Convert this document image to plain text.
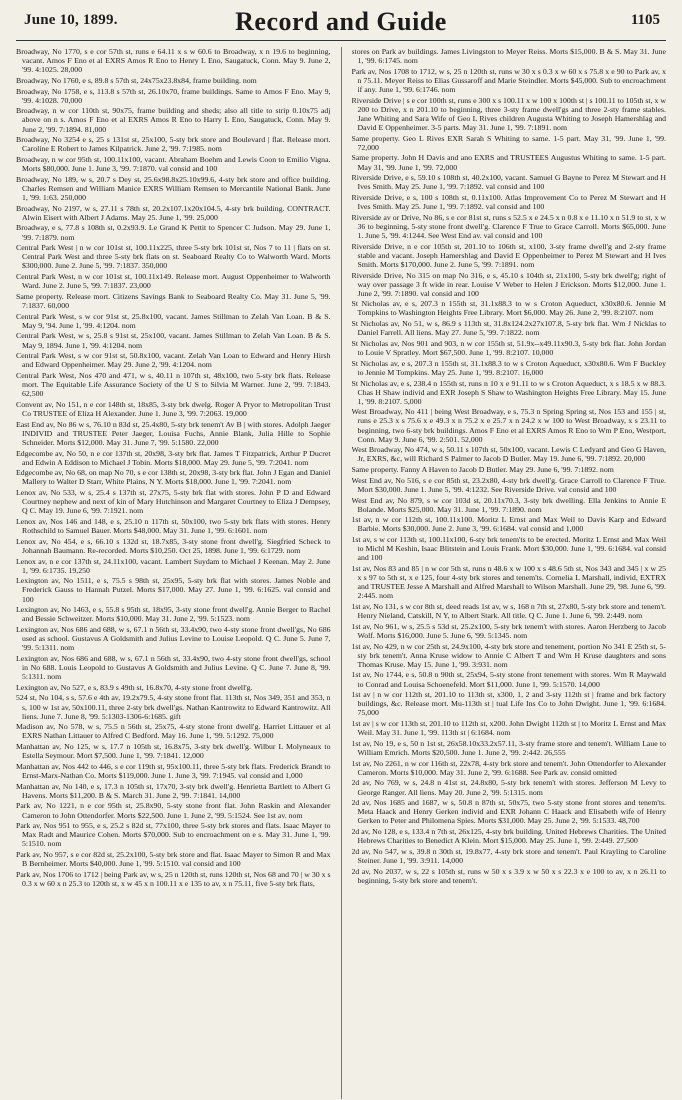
June 10, 1899.	Record and Guide	1105

Broadway, No 1770, s e cor 57th st, runs e 64.11 x s w 60.6 to Broadway, x n 19.6 to beginning, vacant. Amos F Eno et al EXRS Amos R Eno to Henry L Eno, Saugatuck, Conn. May 9. June 2, '99. 4:1025. 28,000

Broadway, No 1760, e s, 89.8 s 57th st, 24x75x23.8x84, frame building. nom

Broadway, No 1758, e s, 113.8 s 57th st, 26.10x70, frame buildings. Same to Amos F Eno. May 9, '99. 4:1028. 70,000

Broadway, n w cor 110th st, 90x75, frame building and sheds; also all title to strip 0.10x75 adj above on n s. Amos F Eno et al EXRS Amos R Eno to Harry L Eno, Saugatuck, Conn. May 9. June 2, '99. 7:1894. 81,000

Broadway, No 3254 e s, 25 s 131st st, 25x100, 5-sty brk store and Boulevard | flat. Release mort. Caroline E Robert to James Kilpatrick. June 2, '99. 7:1985. nom

Broadway, n w cor 95th st, 100.11x100, vacant. Abraham Boehm and Lewis Coon to Emilio Vigna. Morts $80,000. June 1. June 3, '99. 7:1870. val consid and 100

Broadway, No 189, w s, 20.7 s Dey st, 25.6x98.8x25.10x99.6, 4-sty brk store and office building. Charles Remsen and William Manice EXRS William Remsen to Mercantile National Bank. June 1, '99. 1:63. 250,000

Broadway, No 2197, w s, 27.11 s 78th st, 20.2x107.1x20x104.5, 4-sty brk building. CONTRACT. Alwin Eisert with Albert J Adams. May 25. June 1, '99. 25,000

Broadway, e s, 77.8 s 108th st, 0.2x93.9. Le Grand K Pettit to Spencer C Judson. May 29. June 1, '99. 7:1879. nom

Central Park West | n w cor 101st st, 100.11x225, three 5-sty brk 101st st, Nos 7 to 11 | flats on st. Central Park West and three 5-sty brk flats on st. Seaboard Realty Co to Walworth Ward. Morts $300,000. June 2. June 5, '99. 7:1837. 350,000

Central Park West, n w cor 101st st, 100.11x149. Release mort. August Oppenheimer to Walworth Ward. June 2. June 5, '99. 7:1837. 23,000

Same property. Release mort. Citizens Savings Bank to Seaboard Realty Co. May 31. June 5, '99. 7:1837. 60,000

Central Park West, s w cor 91st st, 25.8x100, vacant. James Stillman to Zelah Van Loan. B & S. May 9, '94. June 1, '99. 4:1204. nom

Central Park West, w s, 25.8 s 91st st, 25x100, vacant. James Stillman to Zelah Van Loan. B & S. May 9, 1894. June 1, '99. 4:1204. nom

Central Park West, s w cor 91st st, 50.8x100, vacant. Zelah Van Loan to Edward and Henry Hirsh and Edward Oppenheimer. May 29. June 2, '99. 4:1204. nom

Central Park West, Nos 470 and 471, w s, 40.11 n 107th st, 48x100, two 5-sty brk flats. Release mort. The Equitable Life Assurance Society of the U S to Silvia M Warner. June 2, '99. 7:1843. 62,500

Convent av, No 151, n e cor 148th st, 18x85, 3-sty brk dwelg. Roger A Pryor to Metropolitan Trust Co TRUSTEE of Eliza H Alexander. June 1. June 3, '99. 7:2063. 19,000

East End av, No 86 w s, 76.10 n 83d st, 25.4x80, 5-sty brk tenem't Av B | with stores. Adolph Jaeger INDIVID and TRUSTEE Peter Jaeger, Louisa Fuchs, Annie Blank, Julia Hille to Sophie Schneider. Morts $12,000. May 31. June 7, '99. 5:1580. 22,000

Edgecombe av, No 50, n e cor 137th st, 20x98, 3-sty brk flat. James T Fitzpatrick, Arthur P Ducret and Edwin A Eddison to Michael J Tobin. Morts $18,000. May 29. June 5, '99. 7:2041. nom

Edgecombe av, No 68, on map No 70, s e cor 138th st, 20x98, 3-sty brk flat. John J Egan and Daniel Mallery to Walter D Starr, White Plains, N Y. Morts $18,000. June 1, '99. 7:2041. nom

Lenox av, No 533, w s, 25.4 s 137th st, 27x75, 5-sty brk flat with stores. John P D and Edward Courtney nephew and next of kin of Mary Hutchinson and Margaret Courtney to Eliza J Dempsey, Q C. May 19. June 6, '99. 7:1921. nom

Lenox av, Nos 146 and 148, e s, 25.10 n 117th st, 50x100, two 5-sty brk flats with stores. Henry Rothschild to Samuel Bauer. Morts $48,000. May 31. June 1, '99. 6:1601. nom

Lenox av, No 454, e s, 66.10 s 132d st, 18.7x85, 3-sty stone front dwell'g. Siegfried Scheck to Johannah Baumann. Re-recorded. Morts $10,250. Oct 25, 1898. June 1, '99. 6:1729. nom

Lenox av, n e cor 137th st, 24.11x100, vacant. Lambert Suydam to Michael J Keenan. May 2. June 1, '99. 6:1735. 19,250

Lexington av, No 1511, e s, 75.5 s 98th st, 25x95, 5-sty brk flat with stores. James Noble and Frederick Gauss to Hannah Putzel. Morts $17,000. May 27. June 1, '99. 6:1625. val consid and 100

Lexington av, No 1463, e s, 55.8 s 95th st, 18x95, 3-sty stone front dwell'g. Annie Berger to Rachel and Bessie Schweitzer. Morts $10,000. May 31. June 2, '99. 5:1523. nom

Lexington av, Nos 686 and 688, w s, 67.1 n 56th st, 33.4x90, two 4-sty stone front dwell'gs, No 686 used as school. Gustavus A Goldsmith and Julius Levine to Louise Leopold. Q C. June 5. June 7, '99. 5:1311. nom

Lexington av, Nos 686 and 688, w s, 67.1 n 56th st, 33.4x90, two 4-sty stone front dwell'gs, school in No 688. Louis Leopold to Gustavus A Goldsmith and Julius Levine. Q C. June 7. June 8, '99. 5:1311. nom

Lexington av, No 527, e s, 83.9 s 49th st, 16.8x70, 4-sty stone front dwell'g.

524 st, No 104, s s, 57.6 e 4th av, 19.2x79.5, 4-sty stone front flat. 113th st, Nos 349, 351 and 353, n s, 100 w 1st av, 50x100.11, three 2-sty brk dwell'gs. Nathan Kantrowitz to Edward Kantrowitz. All liens. June 7. June 8, '99. 5:1303-1306-6:1685. gift

Madison av, No 578, w s, 75.5 n 56th st, 25x75, 4-sty stone front dwell'g. Harriet Littauer et al EXRS Nathan Littauer to Alfred C Bedford. May 16. June 1, '99. 5:1292. 75,000

Manhattan av, No 125, w s, 17.7 n 105th st, 16.8x75, 3-sty brk dwell'g. Wilbur L Molyneaux to Estella Seymour. Mort $7,500. June 1, '99. 7:1841. 12,000

Manhattan av, Nos 442 to 446, s e cor 119th st, 95x100.11, three 5-sty brk flats. Frederick Brandt to Ernst-Marx-Nathan Co. Morts $119,000. June 1. June 3, '99. 7:1945. val consid and 1,000

Manhattan av, No 140, e s, 17.3 n 105th st, 17x70, 3-sty brk dwell'g. Henrietta Bartlett to Albert G Havens. Morts $11,200. B & S. March 31. June 2, '99. 7:1841. 14,000

Park av, No 1221, n e cor 95th st, 25.8x90, 5-sty stone front flat. John Raskin and Alexander Cameron to John Ottendorfer. Morts $22,500. June 1. June 2, '99. 5:1524. See 1st av. nom

Park av, Nos 951 to 955, e s, 25.2 s 82d st, 77x100, three 5-sty brk stores and flats. Isaac Mayer to Max Radt and Maurice Cohen. Morts $70,000. Sub to encroachment on e s. May 31. June 1, '99. 5:1510. nom

Park av, No 957, s e cor 82d st, 25.2x100, 5-sty brk store and flat. Isaac Mayer to Simon R and Max B Bernheimer. Morts $40,000. June 1, '99. 5:1510. val consid and 100

Park av, Nos 1706 to 1712 | being Park av, w s, 25 n 120th st, runs 120th st, Nos 68 and 70 | w 30 x s 0.3 x w 60 x n 25.3 to 120th st, x w 45 x n 100.11 x e 135 to av, x n 75.11, five 5-sty brk flats,

stores on Park av buildings. James Livingston to Meyer Reiss. Morts $15,000. B & S. May 31. June 1, '99. 6:1745. nom

Park av, Nos 1708 to 1712, w s, 25 n 120th st, runs w 30 x s 0.3 x w 60 x s 75.8 x e 90 to Park av, x n 75.11. Meyer Reiss to Elias Gussaroff and Marie Steindler. Morts $45,000. Sub to encroachment if any. June 1, '99. 6:1746. nom

Riverside Drive | s e cor 100th st, runs e 300 x s 100.11 x w 100 x 100th st | s 100.11 to 105th st, x w 200 to Drive, x n 201.10 to beginning, three 3-sty frame dwell'gs and three 2-sty frame stables. Jane Whiting and Sara Wife of Geo L Rives children Augusta Whiting to Joseph Hamershlag and David E Oppenheimer. 3-5 parts. May 31. June 1, '99. 7:1891. nom

Same property. Geo L Rives EXR Sarah S Whiting to same. 1-5 part. May 31, '99. June 1, '99. 72,000

Same property. John H Davis and ano EXRS and TRUSTEES Augustus Whiting to same. 1-5 part. May 31, '99. June 1, '99. 72,000

Riverside Drive, e s, 59.10 s 108th st, 40.2x100, vacant. Samuel G Bayne to Perez M Stewart and H Ives Smith. May 25. June 1, '99. 7:1892. val consid and 100

Riverside Drive, e s, 100 s 108th st, 0.11x100. Atlas Improvement Co to Perez M Stewart and H Ives Smith. May 25. June 1, '99. 7:1892. val consid and 100

Riverside av or Drive, No 86, s e cor 81st st, runs s 52.5 x e 24.5 x n 0.8 x e 11.10 x n 51.9 to st, x w 36 to beginning, 5-sty stone front dwell'g. Clarence F True to Grace Carroll. Morts $65,000. June 1. June 5, '99. 4:1244. See West End av. val consid and 100

Riverside Drive, n e cor 105th st, 201.10 to 106th st, x100, 3-sty frame dwell'g and 2-sty frame stable and vacant. Joseph Hamershlag and David E Oppenheimer to Perez M Stewart and H Ives Smith. Morts $170,000. June 2. June 5, '99. 7:1891. nom

Riverside Drive, No 315 on map No 316, e s, 45.10 s 104th st, 21x100, 5-sty brk dwell'g; right of way over passage 3 ft wide in rear. Louise V Weber to Helen J Erickson. Morts $12,000. June 1. June 2, '99. 7:1890. val consid and 100

St Nicholas av, e s, 207.3 n 155th st, 31.1x88.3 to w s Croton Aqueduct, x30x80.6. Jennie M Tompkins to Washington Heights Free Library. Mort $6,000. May 26. June 2, '99. 8:2107. nom

St Nicholas av, No 51, w s, 86.9 s 113th st, 31.8x124.2x27x107.8, 5-sty brk flat. Wm J Nicklas to Daniel Farrell. All liens. May 27. June 5, '99. 7:1822. nom

St Nicholas av, Nos 901 and 903, n w cor 155th st, 51.9x--x49.11x90.3, 5-sty brk flat. John Jordan to Louie V Spratley. Mort $67,500. June 1, '99. 8:2107. 10,000

St Nicholas av, e s, 207.3 n 155th st, 31.1x88.3 to w s Croton Aqueduct, x30x80.6. Wm F Buckley to Jennie M Tompkins. May 25. June 1, '99. 8:2107. 16,000

St Nicholas av, e s, 238.4 n 155th st, runs n 10 x e 91.11 to w s Croton Aqueduct, x s 18.5 x w 88.3. Chas H Shaw individ and EXR Joseph S Shaw to Washington Heights Free Library. May 15. June 1, '99. 8:2107. 5,000

West Broadway, No 411 | being West Broadway, e s, 75.3 n Spring Spring st, Nos 153 and 155 | st, runs e 25.3 x s 75.6 x e 49.3 x n 75.2 x e 25.7 x n 24.2 x w 100 to West Broadway, x s 23.11 to beginning, two 6-sty brk buildings. Amos F Eno et al EXRS Amos R Eno to Wm P Eno, Westport, Conn. May 9. June 6, '99. 2:501. 52,000

West Broadway, No 474, w s, 50.11 s 107th st, 50x100, vacant. Lewis C Ledyard and Geo G Haven, Jr, EXRS, &c, will Richard S Palmer to Jacob D Butler. May 19. June 6, '99. 7:1892. 20,000

Same property. Fanny A Haven to Jacob D Butler. May 29. June 6, '99. 7:1892. nom

West End av, No 516, s e cor 85th st, 23.2x80, 4-sty brk dwell'g. Grace Carroll to Clarence F True. Mort $30,000. June 1. June 5, '99. 4:1232. See Riverside Drive. val consid and 100

West End av, No 879, s w cor 103d st, 20.11x70.3, 3-sty brk dwelling. Ella Jenkins to Annie E Bolande. Morts $25,000. May 31. June 1, '99. 7:1890. nom

1st av, n w cor 112th st, 100.11x100. Moritz L Ernst and Max Weil to Davis Karp and Edward Barbie. Morts $30,000. June 2. June 3, '99. 6:1684. val consid and 1,000

1st av, s w cor 113th st, 100.11x100, 6-sty brk tenem'ts to be erected. Moritz L Ernst and Max Weil to Michl M Keshin, Isaac Blitstein and Louis Frank. Mort $30,000. June 1, '99. 6:1684. val consid and 100

1st av, Nos 83 and 85 | n w cor 5th st, runs n 48.6 x w 100 x s 48.6 5th st, Nos 343 and 345 | x w 25 x s 97 to 5th st, x e 125, four 4-sty brk stores and tenem'ts. Cornelia L Marshall, individ, EXTRX and TRUSTEE Jesse A Marshall and Alfred Marshall to Wilson Marshall. June 29, '98. June 6, '99. 2:445. nom

1st av, No 131, s w cor 8th st, deed reads 1st av, w s, 168 n 7th st, 27x80, 5-sty brk store and tenem't. Henry Nieland, Catskill, N Y, to Albert Stark. All title. Q C. June 1. June 6, '99. 2:449. nom

1st av, No 961, w s, 25.5 s 53d st, 25.2x100, 5-sty brk tenem't with stores. Aaron Herzberg to Jacob Wolf. Morts $16,000. June 5. June 6, '99. 5:1345. nom

1st av, No 429, n w cor 25th st, 24.9x100, 4-sty brk store and tenement, portion No 341 E 25th st, 5-sty brk tenem't. Anna Kruse widow to Annie C Albert T and Wm H Kruse daughters and sons Thomas Kruse. May 15. June 1, '99. 3:931. nom

1st av, No 1744, e s, 50.8 n 90th st, 25x94, 5-sty stone front tenement with stores. Wm R Maywald to Conrad and Louisa Schoenefeld. Mort $11,000. June 1, '99. 5:1570. 14,000

1st av | n w cor 112th st, 201.10 to 113th st, x300, 1, 2 and 3-sty 112th st | frame and brk factory buildings, &c. Release mort. Mu-113th st | tual Life Ins Co to John Dwight. June 1, '99. 6:1684. 75,000

1st av | s w cor 113th st, 201.10 to 112th st, x200. John Dwight 112th st | to Moritz L Ernst and Max Weil. May 31. June 1, '99. 113th st | 6:1684. nom

1st av, No 19, e s, 50 n 1st st, 26x58.10x33.2x57.11, 3-sty frame store and tenem't. William Laue to William Emrich. Morts $20,500. June 1. June 2, '99. 2:442. 26,555

1st av, No 2261, n w cor 116th st, 22x78, 4-sty brk store and tenem't. John Ottendorfer to Alexander Cameron. Morts $10,000. May 31. June 2, '99. 6:1688. See Park av. consid omitted

2d av, No 769, w s, 24.8 n 41st st, 24.8x80, 5-sty brk tenem't with stores. Jefferson M Levy to George Ranger. All liens. May 20. June 2, '99. 5:1315. nom

2d av, Nos 1685 and 1687, w s, 50.8 n 87th st, 50x75, two 5-sty stone front stores and tenem'ts. Meta Haack and Henry Gerken individ and EXR Johann C Haack and Elisabeth wife of Henry Gerken to Peter and Philomena Spies. Morts $31,000. May 25. June 2, '99. 5:1533. 48,700

2d av, No 128, e s, 133.4 n 7th st, 26x125, 4-sty brk building. United Hebrews Charities. The United Hebrews Charities to Benedict A Klein. Mort $15,000. May 25. June 1, '99. 2:449. 27,500

2d av, No 547, w s, 39.8 n 30th st, 19.8x77, 4-sty brk store and tenem't. Paul Krayling to Caroline Steiner. June 1, '99. 3:911. 14,000

2d av, No 2037, w s, 22 s 105th st, runs w 50 x s 3.9 x w 50 x s 22.3 x e 100 to av, x n 26.11 to beginning, 5-sty brk store and tenem't.
